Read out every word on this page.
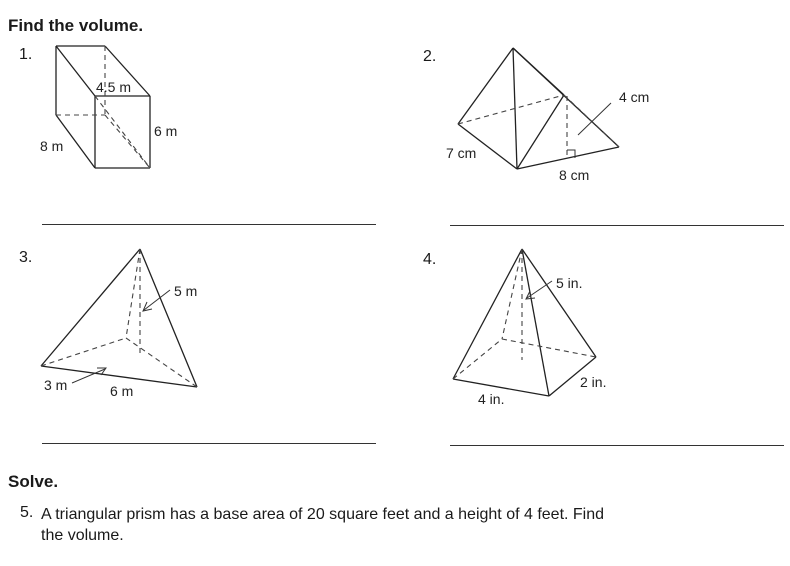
Find the volume.
1.
4.5 m
6 m
8 m
2.
4 cm
7 cm
8 cm
3.
5 m
3 m	6 m
4.
5 in.
2 in.
4 in.
Solve.
5. A triangular prism has a base area of 20 square feet and a height of 4 feet. Find the volume.
